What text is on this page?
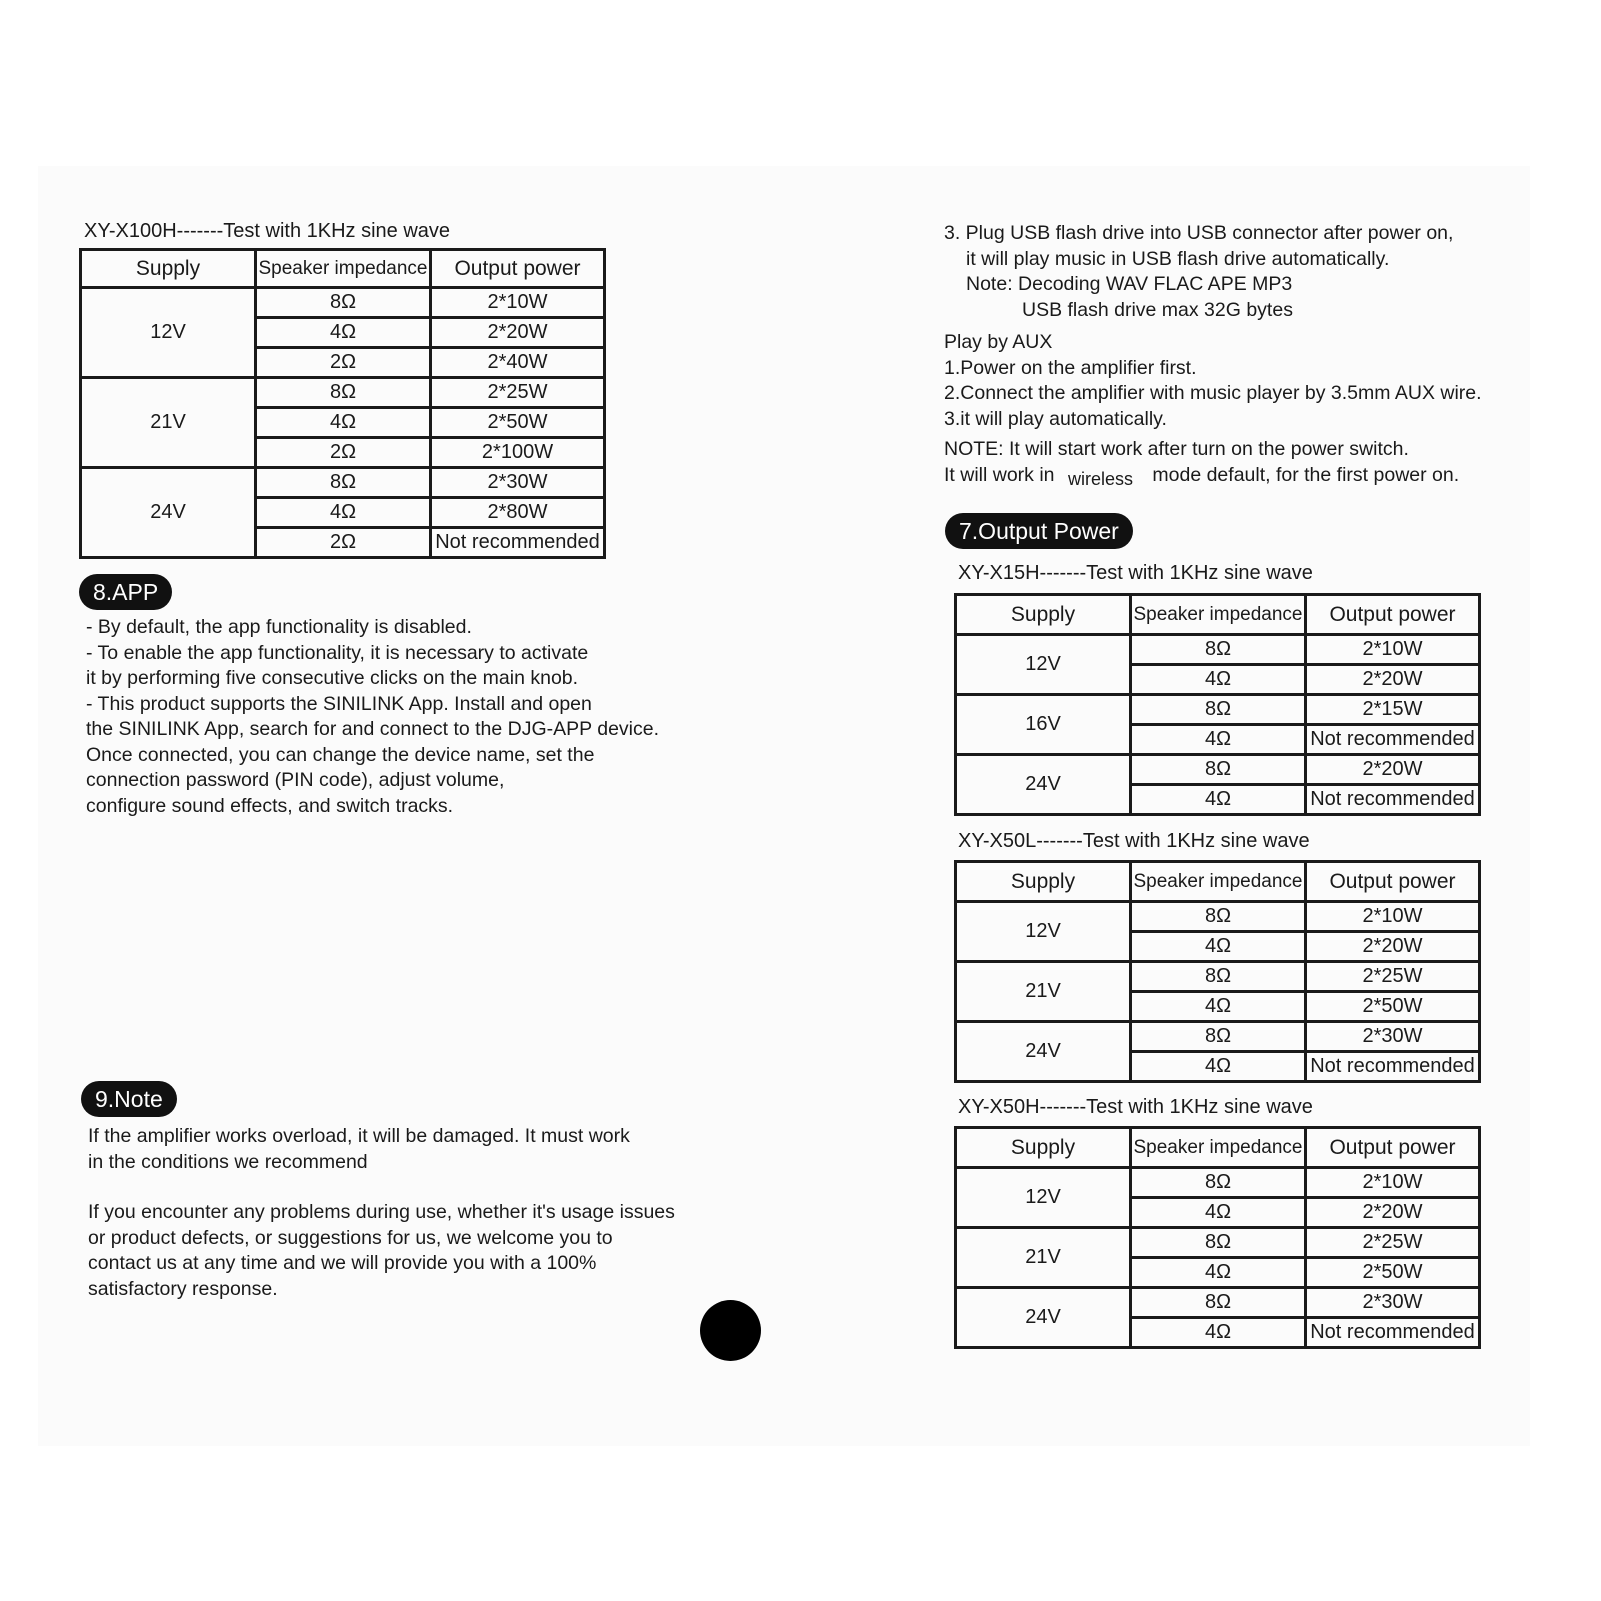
XY-X100H-------Test with 1KHz sine wave
Supply	Speaker impedance	Output power
12V	8Ω	2*10W
	4Ω	2*20W
	2Ω	2*40W
21V	8Ω	2*25W
	4Ω	2*50W
	2Ω	2*100W
24V	8Ω	2*30W
	4Ω	2*80W
	2Ω	Not recommended
8.APP
- By default, the app functionality is disabled.
- To enable the app functionality, it is necessary to activate
it by performing five consecutive clicks on the main knob.
- This product supports the SINILINK App. Install and open
the SINILINK App, search for and connect to the DJG-APP device.
Once connected, you can change the device name, set the
connection password (PIN code), adjust volume,
configure sound effects, and switch tracks.
9.Note
If the amplifier works overload, it will be damaged. It must work
in the conditions we recommend
If you encounter any problems during use, whether it's usage issues
or product defects, or suggestions for us, we welcome you to
contact us at any time and we will provide you with a 100%
satisfactory response.
3. Plug USB flash drive into USB connector after power on,
it will play music in USB flash drive automatically.
Note: Decoding WAV FLAC APE MP3
USB flash drive max 32G bytes
Play by AUX
1.Power on the amplifier first.
2.Connect the amplifier with music player by 3.5mm AUX wire.
3.it will play automatically.
NOTE: It will start work after turn on the power switch.
It will work in wireless mode default, for the first power on.
7.Output Power
XY-X15H-------Test with 1KHz sine wave
Supply	Speaker impedance	Output power
12V	8Ω	2*10W
	4Ω	2*20W
16V	8Ω	2*15W
	4Ω	Not recommended
24V	8Ω	2*20W
	4Ω	Not recommended
XY-X50L-------Test with 1KHz sine wave
Supply	Speaker impedance	Output power
12V	8Ω	2*10W
	4Ω	2*20W
21V	8Ω	2*25W
	4Ω	2*50W
24V	8Ω	2*30W
	4Ω	Not recommended
XY-X50H-------Test with 1KHz sine wave
Supply	Speaker impedance	Output power
12V	8Ω	2*10W
	4Ω	2*20W
21V	8Ω	2*25W
	4Ω	2*50W
24V	8Ω	2*30W
	4Ω	Not recommended
